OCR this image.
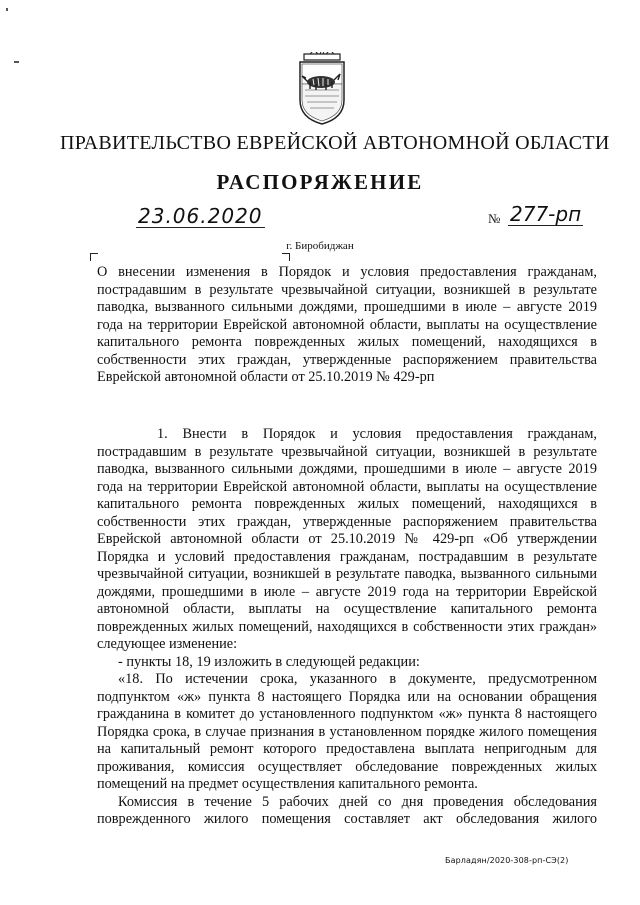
ПРАВИТЕЛЬСТВО ЕВРЕЙСКОЙ АВТОНОМНОЙ ОБЛАСТИ
РАСПОРЯЖЕНИЕ
23.06.2020	№ 277-рп
г. Биробиджан

О внесении изменения в Порядок и условия предоставления гражданам, пострадавшим в результате чрезвычайной ситуации, возникшей в результате паводка, вызванного сильными дождями, прошедшими в июле – августе 2019 года на территории Еврейской автономной области, выплаты на осуществление капитального ремонта поврежденных жилых помещений, находящихся в собственности этих граждан, утвержденные распоряжением правительства Еврейской автономной области от 25.10.2019 № 429-рп

1. Внести в Порядок и условия предоставления гражданам, пострадавшим в результате чрезвычайной ситуации, возникшей в результате паводка, вызванного сильными дождями, прошедшими в июле – августе 2019 года на территории Еврейской автономной области, выплаты на осуществление капитального ремонта поврежденных жилых помещений, находящихся в собственности этих граждан, утвержденные распоряжением правительства Еврейской автономной области от 25.10.2019 № 429-рп «Об утверждении Порядка и условий предоставления гражданам, пострадавшим в результате чрезвычайной ситуации, возникшей в результате паводка, вызванного сильными дождями, прошедшими в июле – августе 2019 года на территории Еврейской автономной области, выплаты на осуществление капитального ремонта поврежденных жилых помещений, находящихся в собственности этих граждан» следующее изменение:

- пункты 18, 19 изложить в следующей редакции:

«18. По истечении срока, указанного в документе, предусмотренном подпунктом «ж» пункта 8 настоящего Порядка или на основании обращения гражданина в комитет до установленного подпунктом «ж» пункта 8 настоящего Порядка срока, в случае признания в установленном порядке жилого помещения на капитальный ремонт которого предоставлена выплата непригодным для проживания, комиссия осуществляет обследование поврежденных жилых помещений на предмет осуществления капитального ремонта.

Комиссия в течение 5 рабочих дней со дня проведения обследования поврежденного жилого помещения составляет акт обследования жилого

Барладян/2020-308-рп-СЭ(2)
